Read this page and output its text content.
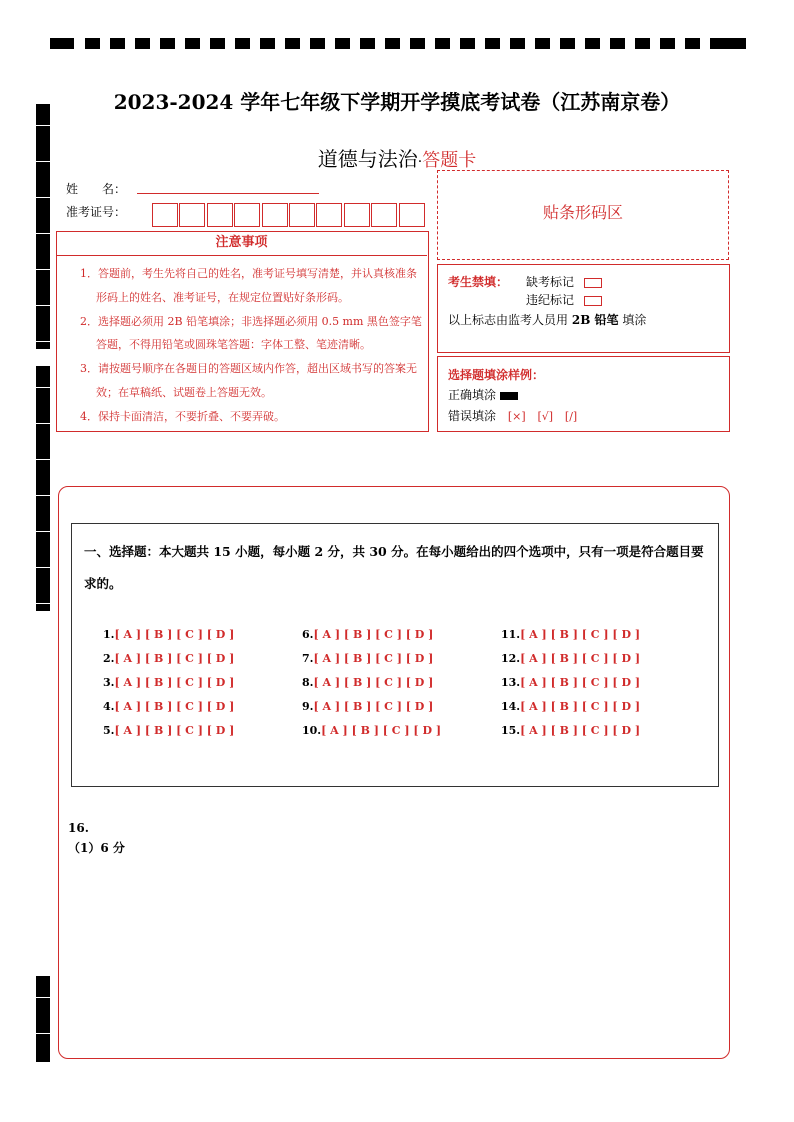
2023-2024 学年七年级下学期开学摸底考试卷（江苏南京卷）
道德与法治·答题卡
姓　　名：
准考证号：	贴条形码区
注意事项

1．答题前，考生先将自己的姓名，准考证号填写清楚，并认真核准条形码上的姓名、准考证号，在规定位置贴好条形码。

2．选择题必须用 2B 铅笔填涂；非选择题必须用 0.5 mm 黑色签字笔答题，不得用铅笔或圆珠笔答题：字体工整、笔迹清晰。

3．请按题号顺序在各题目的答题区域内作答，超出区域书写的答案无效；在草稿纸、试题卷上答题无效。

4．保持卡面清洁，不要折叠、不要弄破。

考生禁填： 缺考标记
违纪标记
以上标志由监考人员用 2B 铅笔 填涂
选择题填涂样例：
正确填涂
错误填涂 [×] [√] [/]
一、选择题：本大题共 15 小题，每小题 2 分，共 30 分。在每小题给出的四个选项中，只有一项是符合题目要求的。
1.[ A ] [ B ] [ C ] [ D ]
2.[ A ] [ B ] [ C ] [ D ]
3.[ A ] [ B ] [ C ] [ D ]
4.[ A ] [ B ] [ C ] [ D ]
5.[ A ] [ B ] [ C ] [ D ]
6.[ A ] [ B ] [ C ] [ D ]
7.[ A ] [ B ] [ C ] [ D ]
8.[ A ] [ B ] [ C ] [ D ]
9.[ A ] [ B ] [ C ] [ D ]
10.[ A ] [ B ] [ C ] [ D ]
11.[ A ] [ B ] [ C ] [ D ]
12.[ A ] [ B ] [ C ] [ D ]
13.[ A ] [ B ] [ C ] [ D ]
14.[ A ] [ B ] [ C ] [ D ]
15.[ A ] [ B ] [ C ] [ D ]
16.
（1）6 分
